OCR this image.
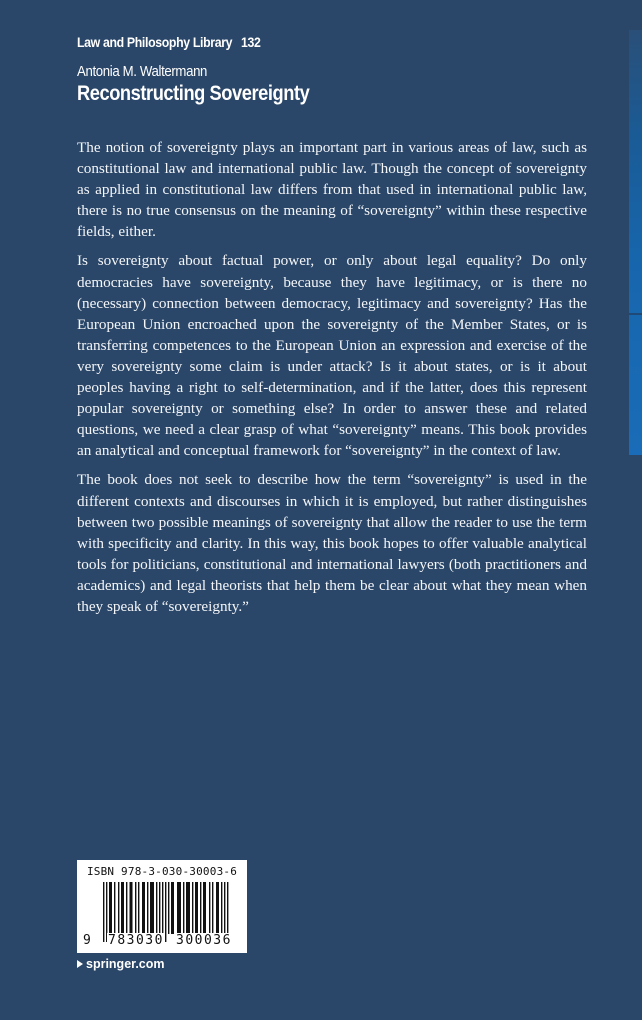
Law and Philosophy Library 132
Antonia M. Waltermann
Reconstructing Sovereignty

The notion of sovereignty plays an important part in various areas of law, such as constitutional law and international public law. Though the concept of sovereignty as applied in constitutional law differs from that used in international public law, there is no true consensus on the meaning of “sovereignty” within these respective fields, either.

Is sovereignty about factual power, or only about legal equality? Do only democracies have sovereignty, because they have legitimacy, or is there no (necessary) connection between democracy, legitimacy and sovereignty? Has the European Union encroached upon the sovereignty of the Member States, or is transferring competences to the European Union an expression and exercise of the very sovereignty some claim is under attack? Is it about states, or is it about peoples having a right to self-determination, and if the latter, does this represent popular sovereignty or something else? In order to answer these and related questions, we need a clear grasp of what “sovereignty” means. This book provides an analytical and conceptual framework for “sovereignty” in the context of law.

The book does not seek to describe how the term “sovereignty” is used in the different contexts and discourses in which it is employed, but rather distinguishes between two possible meanings of sovereignty that allow the reader to use the term with specificity and clarity. In this way, this book hopes to offer valuable analytical tools for politicians, constitutional and international lawyers (both practitioners and academics) and legal theorists that help them be clear about what they mean when they speak of “sovereignty.”

ISBN 978-3-030-30003-6
9 783030 300036
springer.com
